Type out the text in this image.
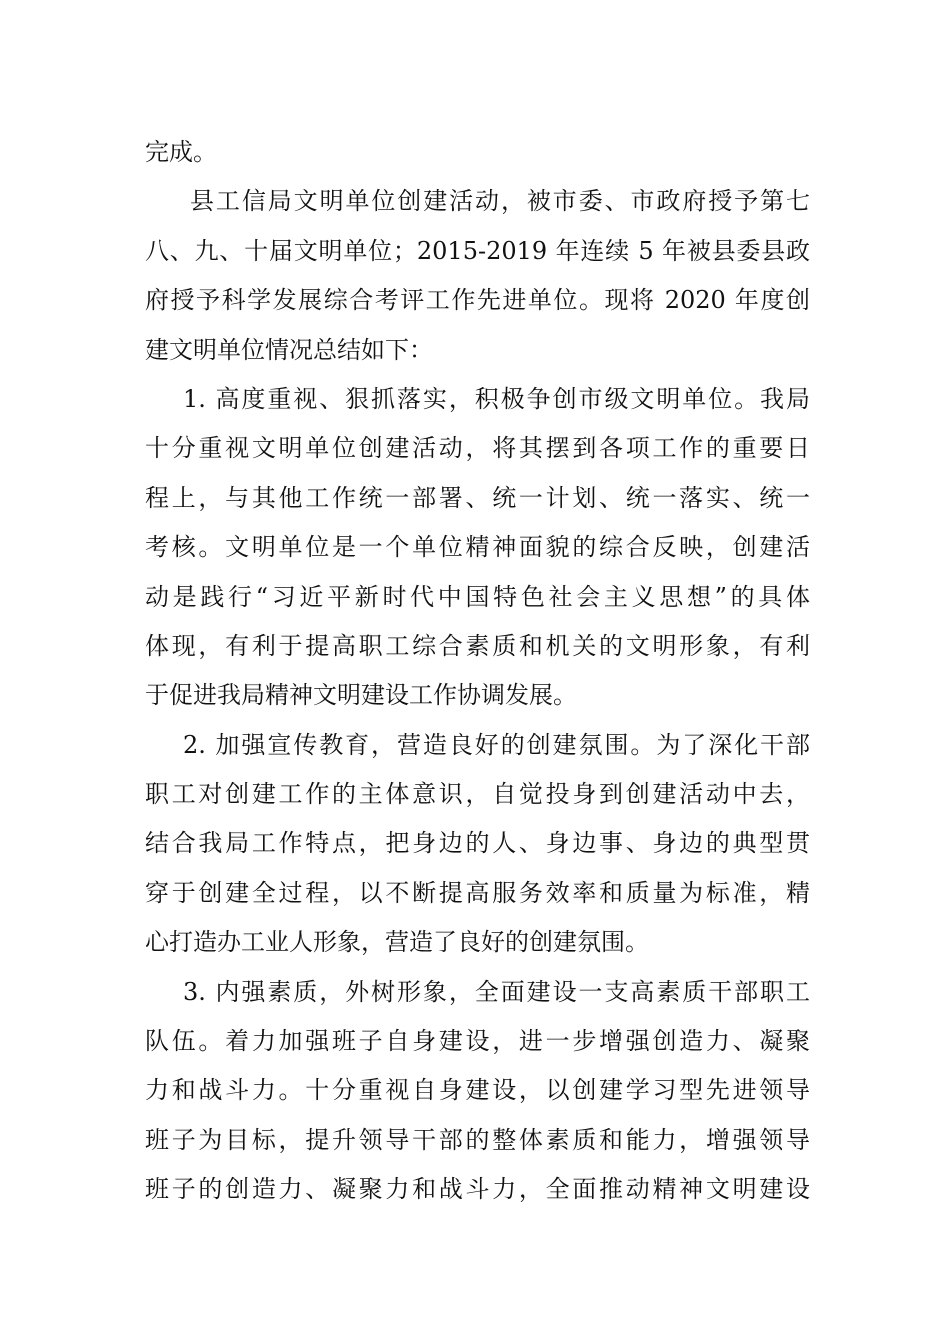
完成。
县工信局文明单位创建活动，被市委、市政府授予第七
八、九、十届文明单位；2015-2019 年连续 5 年被县委县政
府授予科学发展综合考评工作先进单位。现将 2020 年度创
建文明单位情况总结如下：
1. 高度重视、狠抓落实，积极争创市级文明单位。我局
十分重视文明单位创建活动，将其摆到各项工作的重要日
程上，与其他工作统一部署、统一计划、统一落实、统一
考核。文明单位是一个单位精神面貌的综合反映，创建活
动是践行“习近平新时代中国特色社会主义思想”的具体
体现，有利于提高职工综合素质和机关的文明形象，有利
于促进我局精神文明建设工作协调发展。
2. 加强宣传教育，营造良好的创建氛围。为了深化干部
职工对创建工作的主体意识，自觉投身到创建活动中去，
结合我局工作特点，把身边的人、身边事、身边的典型贯
穿于创建全过程，以不断提高服务效率和质量为标准，精
心打造办工业人形象，营造了良好的创建氛围。
3. 内强素质，外树形象，全面建设一支高素质干部职工
队伍。着力加强班子自身建设，进一步增强创造力、凝聚
力和战斗力。十分重视自身建设，以创建学习型先进领导
班子为目标，提升领导干部的整体素质和能力，增强领导
班子的创造力、凝聚力和战斗力，全面推动精神文明建设
